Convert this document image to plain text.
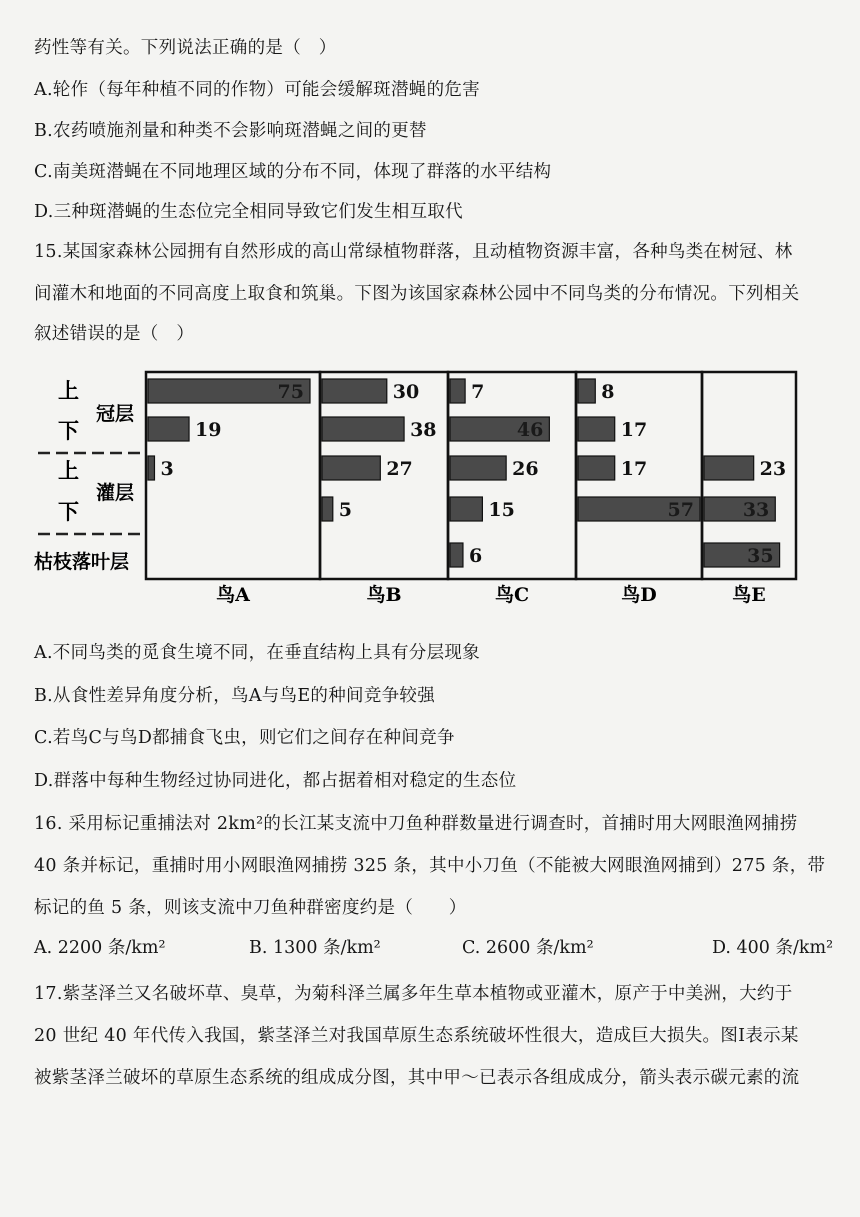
药性等有关。下列说法正确的是（　）
A.轮作（每年种植不同的作物）可能会缓解斑潜蝇的危害
B.农药喷施剂量和种类不会影响斑潜蝇之间的更替
C.南美斑潜蝇在不同地理区域的分布不同，体现了群落的水平结构
D.三种斑潜蝇的生态位完全相同导致它们发生相互取代
15.某国家森林公园拥有自然形成的高山常绿植物群落，且动植物资源丰富，各种鸟类在树冠、林
间灌木和地面的不同高度上取食和筑巢。下图为该国家森林公园中不同鸟类的分布情况。下列相关
叙述错误的是（　）
上
下
冠层
上
下
灌层
枯枝落叶层
75
19
3
鸟A
30
38
27
5
鸟B
7
46
26
15
6
鸟C
8
17
17
57
鸟D
23
33
35
鸟E
A.不同鸟类的觅食生境不同，在垂直结构上具有分层现象
B.从食性差异角度分析，鸟A与鸟E的种间竞争较强
C.若鸟C与鸟D都捕食飞虫，则它们之间存在种间竞争
D.群落中每种生物经过协同进化，都占据着相对稳定的生态位
16. 采用标记重捕法对 2km²的长江某支流中刀鱼种群数量进行调查时，首捕时用大网眼渔网捕捞
40 条并标记，重捕时用小网眼渔网捕捞 325 条，其中小刀鱼（不能被大网眼渔网捕到）275 条，带
标记的鱼 5 条，则该支流中刀鱼种群密度约是（　　）
A. 2200 条/km²	B. 1300 条/km²	C. 2600 条/km²	D. 400 条/km²
17.紫茎泽兰又名破坏草、臭草，为菊科泽兰属多年生草本植物或亚灌木，原产于中美洲，大约于
20 世纪 40 年代传入我国，紫茎泽兰对我国草原生态系统破坏性很大，造成巨大损失。图Ⅰ表示某
被紫茎泽兰破坏的草原生态系统的组成成分图，其中甲～已表示各组成成分，箭头表示碳元素的流
